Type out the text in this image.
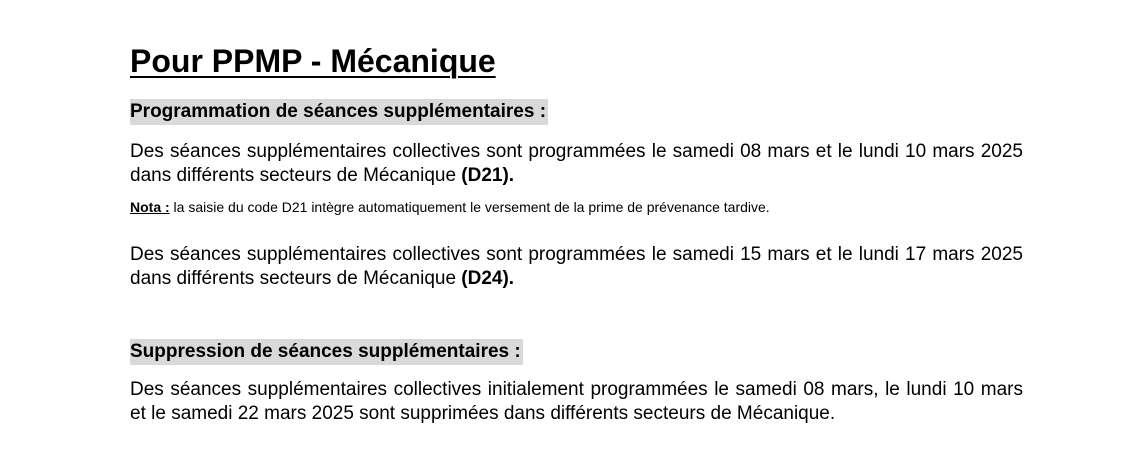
Pour PPMP - Mécanique
Programmation de séances supplémentaires :

Des séances supplémentaires collectives sont programmées le samedi 08 mars et le lundi 10 mars 2025 dans différents secteurs de Mécanique (D21).

Nota : la saisie du code D21 intègre automatiquement le versement de la prime de prévenance tardive.

Des séances supplémentaires collectives sont programmées le samedi 15 mars et le lundi 17 mars 2025 dans différents secteurs de Mécanique (D24).

Suppression de séances supplémentaires :

Des séances supplémentaires collectives initialement programmées le samedi 08 mars, le lundi 10 mars et le samedi 22 mars 2025 sont supprimées dans différents secteurs de Mécanique.
